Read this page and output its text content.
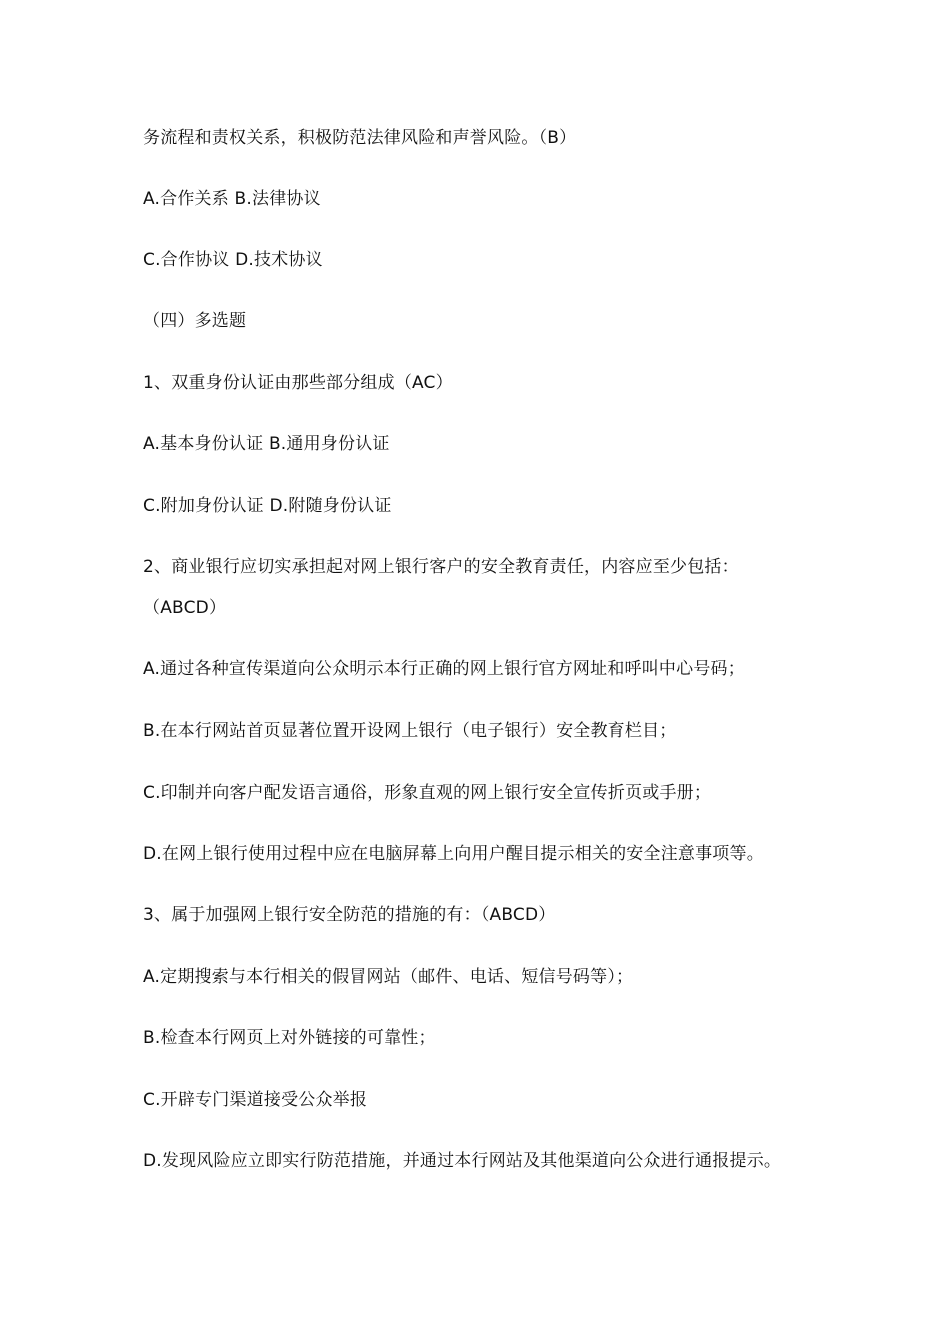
务流程和责权关系，积极防范法律风险和声誉风险。（B）
A.合作关系 B.法律协议
C.合作协议 D.技术协议
（四）多选题
1、双重身份认证由那些部分组成（AC）
A.基本身份认证 B.通用身份认证
C.附加身份认证 D.附随身份认证
2、商业银行应切实承担起对网上银行客户的安全教育责任，内容应至少包括：
（ABCD）
A.通过各种宣传渠道向公众明示本行正确的网上银行官方网址和呼叫中心号码；
B.在本行网站首页显著位置开设网上银行（电子银行）安全教育栏目；
C.印制并向客户配发语言通俗，形象直观的网上银行安全宣传折页或手册；
D.在网上银行使用过程中应在电脑屏幕上向用户醒目提示相关的安全注意事项等。
3、属于加强网上银行安全防范的措施的有：（ABCD）
A.定期搜索与本行相关的假冒网站（邮件、电话、短信号码等）；
B.检查本行网页上对外链接的可靠性；
C.开辟专门渠道接受公众举报
D.发现风险应立即实行防范措施，并通过本行网站及其他渠道向公众进行通报提示。
